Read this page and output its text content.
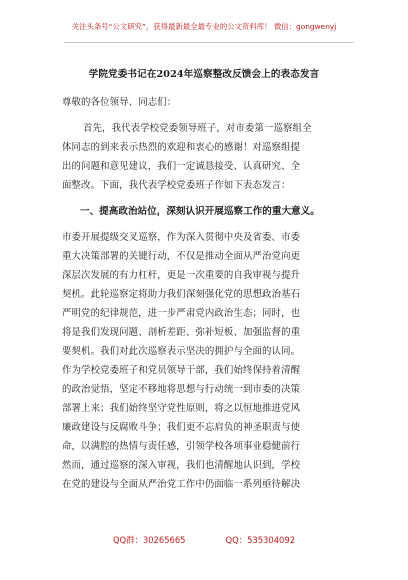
关注头条号“公文研究”，获得最新最全最专业的公文资料库！ 微信：gongwenyj
学院党委书记在2024年巡察整改反馈会上的表态发言
尊敬的各位领导、同志们：
首先，我代表学校党委领导班子，对市委第一巡察组全
体同志的到来表示热烈的欢迎和衷心的感谢！对巡察组提
出的问题和意见建议，我们一定诚恳接受、认真研究、全
面整改。下面，我代表学校党委班子作如下表态发言：
一、提高政治站位，深刻认识开展巡察工作的重大意义。
市委开展提级交叉巡察，作为深入贯彻中央及省委、市委
重大决策部署的关键行动，不仅是推动全面从严治党向更
深层次发展的有力杠杆，更是一次重要的自我审视与提升
契机。此轮巡察定将助力我们深刻强化党的思想政治基石
严明党的纪律规范，进一步严肃党内政治生态；同时，也
将是我们发现问题、剖析差距、弥补短板、加强监督的重
要契机。我们对此次巡察表示坚决的拥护与全面的认同。
作为学校党委班子和党员领导干部，我们始终保持着清醒
的政治觉悟，坚定不移地将思想与行动统一到市委的决策
部署上来；我们始终坚守党性原则，将之以恒地推进党风
廉政建设与反腐败斗争；我们更不忘肩负的神圣职责与使
命，以满腔的热情与责任感，引领学校各项事业稳健前行
然而，通过巡察的深入审视，我们也清醒地认识到，学校
在党的建设与全面从严治党工作中仍面临一系列亟待解决
QQ群：30265665	QQ：535304092
